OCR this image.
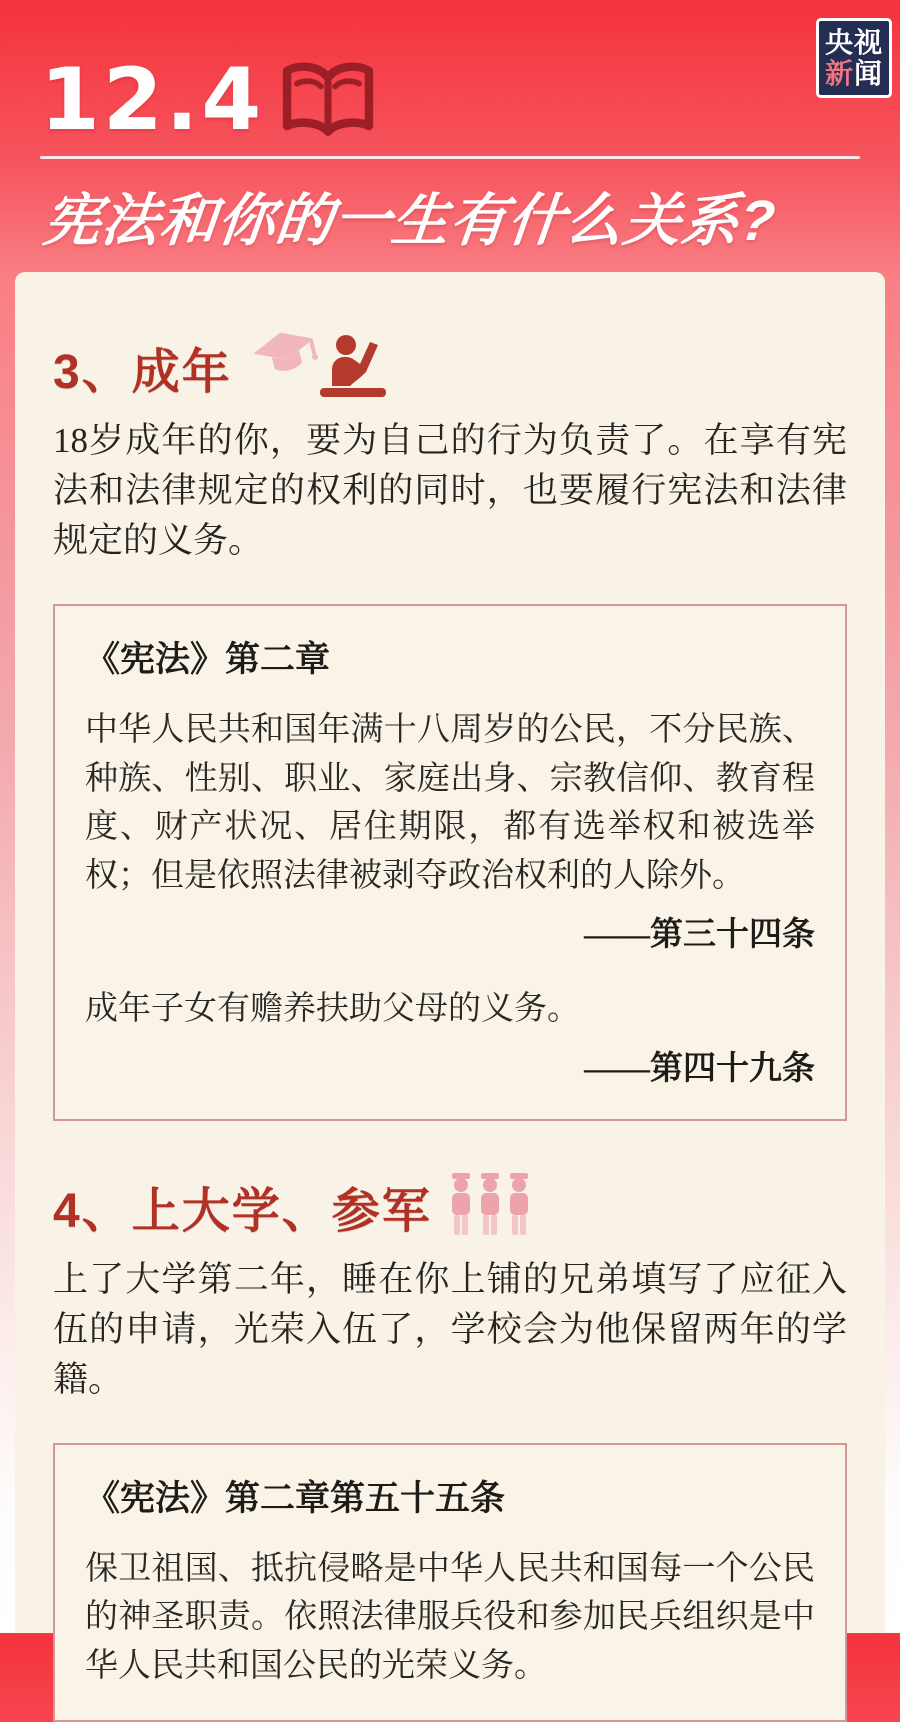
12.4
宪法和你的一生有什么关系?
央视
新闻
3、 成年
18岁成年的你，要为自己的行为负责了。在享有宪法和法律规定的权利的同时，也要履行宪法和法律规定的义务。
《宪法》第二章
中华人民共和国年满十八周岁的公民，不分民族、种族、性别、职业、家庭出身、宗教信仰、教育程度、财产状况、居住期限，都有选举权和被选举权；但是依照法律被剥夺政治权利的人除外。
——第三十四条
成年子女有赡养扶助父母的义务。
——第四十九条
4、 上大学、参军
上了大学第二年，睡在你上铺的兄弟填写了应征入伍的申请，光荣入伍了，学校会为他保留两年的学籍。
《宪法》第二章第五十五条
保卫祖国、抵抗侵略是中华人民共和国每一个公民的神圣职责。依照法律服兵役和参加民兵组织是中华人民共和国公民的光荣义务。
